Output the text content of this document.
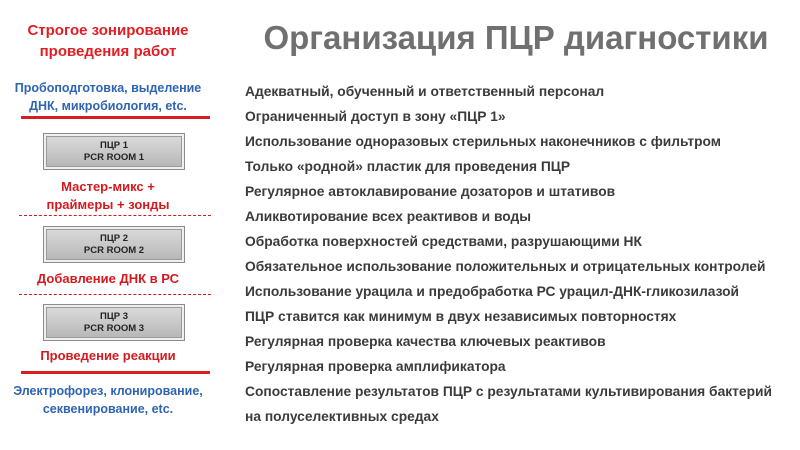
Строгое зонирование
проведения работ
Пробоподготовка, выделение
ДНК, микробиология, etc.
ПЦР 1
PCR ROOM 1
Мастер-микс +
праймеры + зонды
ПЦР 2
PCR ROOM 2
Добавление ДНК в РС
ПЦР 3
PCR ROOM 3
Проведение реакции
Электрофорез, клонирование,
секвенирование, etc.
Организация ПЦР диагностики
Адекватный, обученный и ответственный персонал
Ограниченный доступ в зону «ПЦР 1»
Использование одноразовых стерильных наконечников с фильтром
Только «родной» пластик для проведения ПЦР
Регулярное автоклавирование дозаторов и штативов
Аликвотирование всех реактивов и воды
Обработка поверхностей средствами, разрушающими НК
Обязательное использование положительных и отрицательных контролей
Использование урацила и предобработка РС урацил-ДНК-гликозилазой
ПЦР ставится как минимум в двух независимых повторностях
Регулярная проверка качества ключевых реактивов
Регулярная проверка амплификатора
Сопоставление результатов ПЦР с результатами культивирования бактерий
на полуселективных средах
